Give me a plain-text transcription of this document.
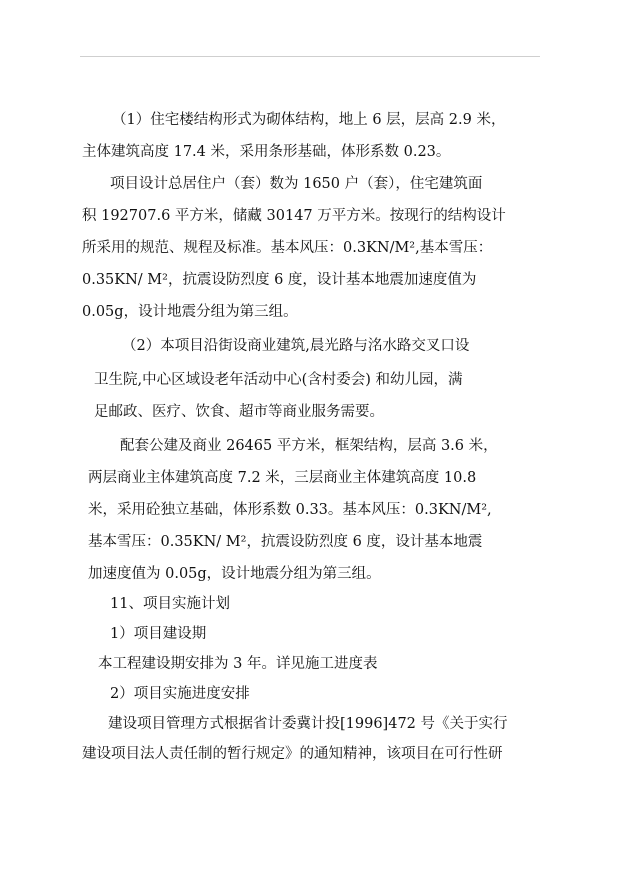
（1）住宅楼结构形式为砌体结构，地上 6 层，层高 2.9 米，
主体建筑高度 17.4 米，采用条形基础，体形系数 0.23。
项目设计总居住户（套）数为 1650 户（套），住宅建筑面
积 192707.6 平方米，储藏 30147 万平方米。按现行的结构设计
所采用的规范、规程及标准。基本风压：0.3KN/M²,基本雪压：
0.35KN/ M²，抗震设防烈度 6 度，设计基本地震加速度值为
0.05g，设计地震分组为第三组。
（2）本项目沿街设商业建筑,晨光路与洺水路交叉口设
卫生院,中心区域设老年活动中心(含村委会) 和幼儿园，满
足邮政、医疗、饮食、超市等商业服务需要。
配套公建及商业 26465 平方米，框架结构，层高 3.6 米，
两层商业主体建筑高度 7.2 米，三层商业主体建筑高度 10.8
米，采用砼独立基础，体形系数 0.33。基本风压：0.3KN/M²,
基本雪压：0.35KN/ M²，抗震设防烈度 6 度，设计基本地震
加速度值为 0.05g，设计地震分组为第三组。
11、项目实施计划
1）项目建设期
本工程建设期安排为 3 年。详见施工进度表
2）项目实施进度安排
建设项目管理方式根据省计委冀计投[1996]472 号《关于实行
建设项目法人责任制的暂行规定》的通知精神，该项目在可行性研
